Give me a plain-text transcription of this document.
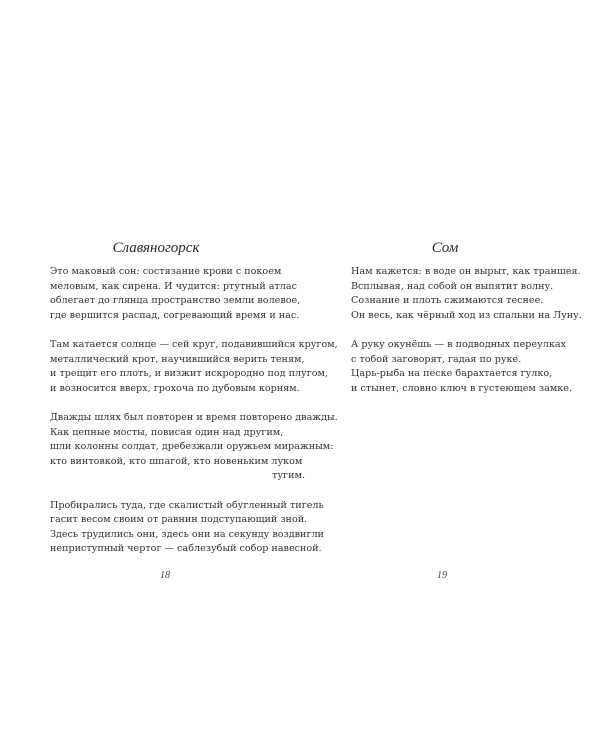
Славяногорск
Это маковый сон: состязание крови с покоем
меловым, как сирена. И чудится: ртутный атлас
облегает до глянца пространство земли волевое,
где вершится распад, согревающий время и нас.
Там катается солнце — сей круг, подавившийся кругом,
металлический крот, научившийся верить теням,
и трещит его плоть, и визжит искрородно под плугом,
и возносится вверх, грохоча по дубовым корням.
Дважды шлях был повторен и время повторено дважды.
Как цепные мосты, повисая один над другим,
шли колонны солдат, дребезжали оружьем миражным:
кто винтовкой, кто шпагой, кто новеньким луком
тугим.
Пробирались туда, где скалистый обугленный тигель
гасит весом своим от равнин подступающий зной.
Здесь трудились они, здесь они на секунду воздвигли
неприступный чертог — саблезубый собор навесной.
18
Сом
Нам кажется: в воде он вырыт, как траншея.
Всплывая, над собой он выпятит волну.
Сознание и плоть сжимаются теснее.
Он весь, как чёрный ход из спальни на Луну.
А руку окунёшь — в подводных переулках
с тобой заговорят, гадая по руке.
Царь-рыба на песке барахтается гулко,
и стынет, словно ключ в густеющем замке.
19
